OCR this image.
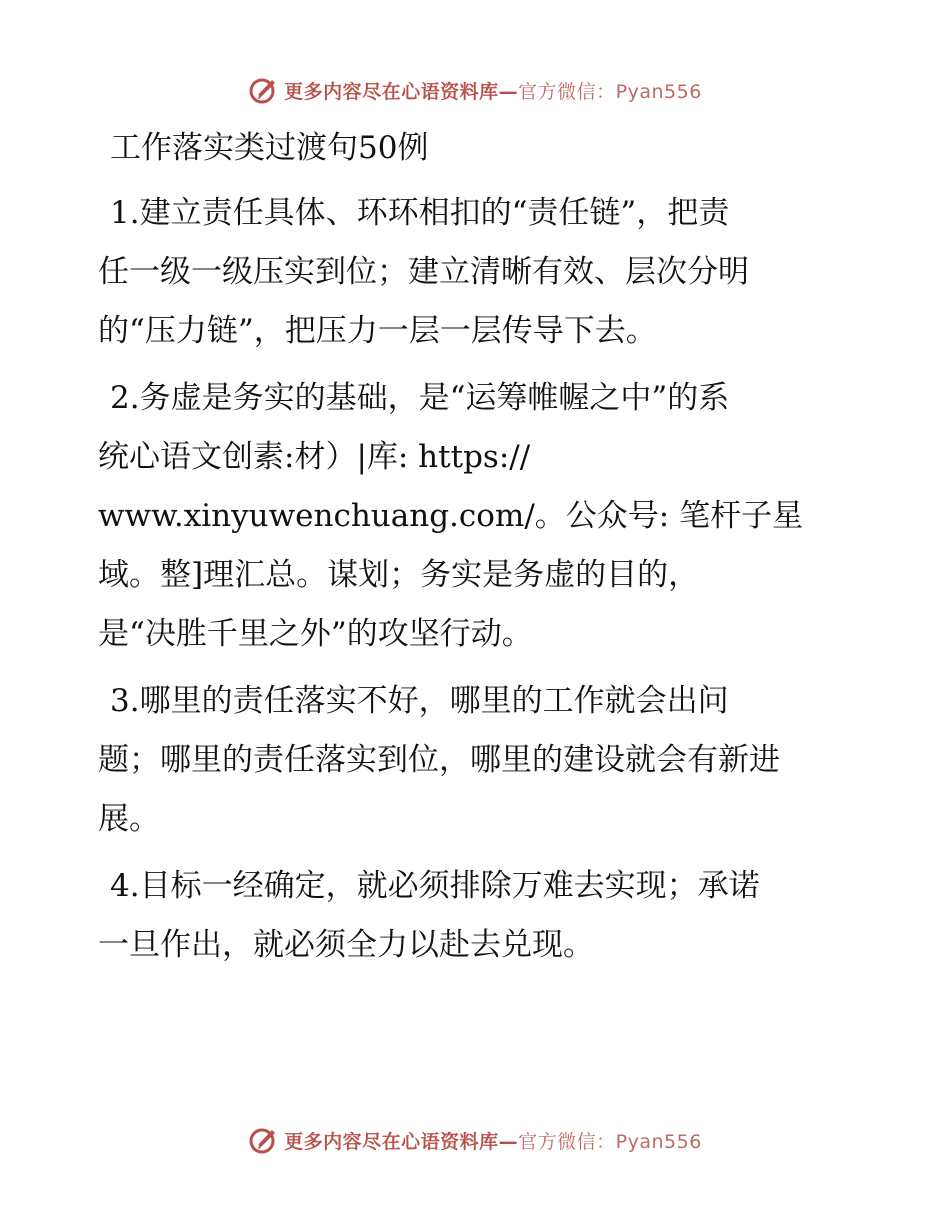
更多内容尽在心语资料库—官方微信：Pyan556
工作落实类过渡句50例
1.建立责任具体、环环相扣的“责任链”，把责
任一级一级压实到位；建立清晰有效、层次分明
的“压力链”，把压力一层一层传导下去。
2.务虚是务实的基础，是“运筹帷幄之中”的系
统心语文创素:材）|库: https://
www.xinyuwenchuang.com/。公众号: 笔杆子星
域。整]理汇总。谋划；务实是务虚的目的，
是“决胜千里之外”的攻坚行动。
3.哪里的责任落实不好，哪里的工作就会出问
题；哪里的责任落实到位，哪里的建设就会有新进
展。
4.目标一经确定，就必须排除万难去实现；承诺
一旦作出，就必须全力以赴去兑现。
更多内容尽在心语资料库—官方微信：Pyan556
